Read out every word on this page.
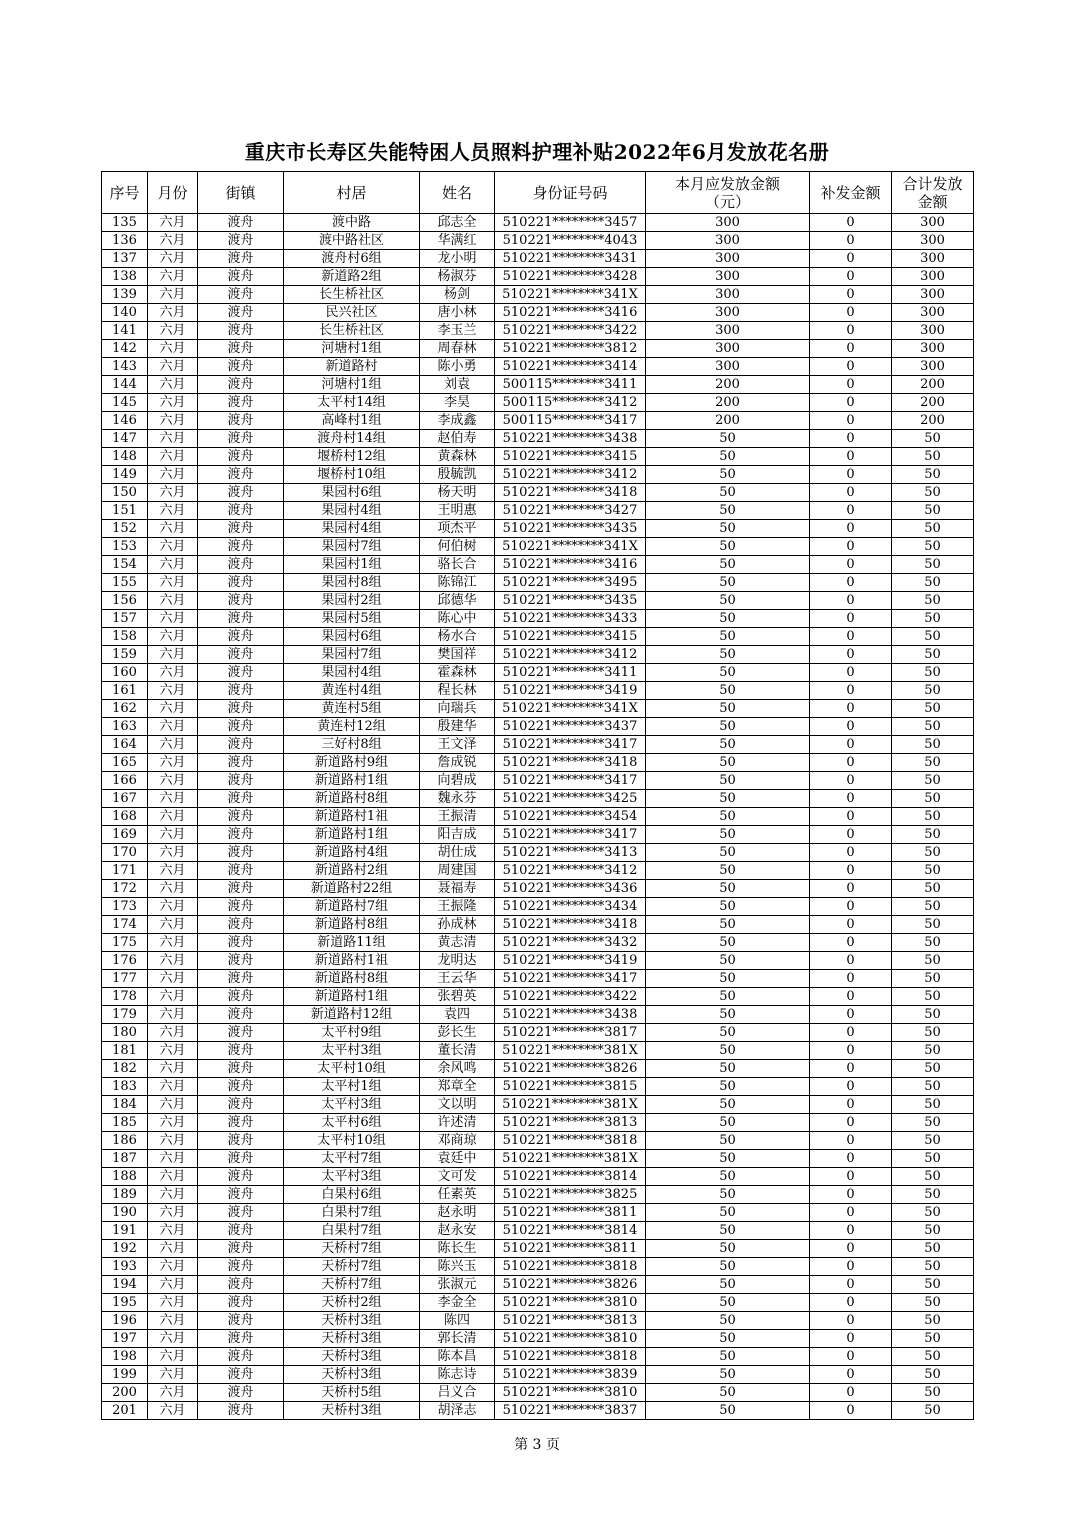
重庆市长寿区失能特困人员照料护理补贴2022年6月发放花名册
序号	月份	街镇	村居	姓名	身份证号码	本月应发放金额（元）	补发金额	合计发放金额
135	六月	渡舟	渡中路	邱志全	510221********3457	300	0	300
136	六月	渡舟	渡中路社区	华满红	510221********4043	300	0	300
137	六月	渡舟	渡舟村6组	龙小明	510221********3431	300	0	300
138	六月	渡舟	新道路2组	杨淑芬	510221********3428	300	0	300
139	六月	渡舟	长生桥社区	杨剑	510221********341X	300	0	300
140	六月	渡舟	民兴社区	唐小林	510221********3416	300	0	300
141	六月	渡舟	长生桥社区	李玉兰	510221********3422	300	0	300
142	六月	渡舟	河塘村1组	周春林	510221********3812	300	0	300
143	六月	渡舟	新道路村	陈小勇	510221********3414	300	0	300
144	六月	渡舟	河塘村1组	刘袁	500115********3411	200	0	200
145	六月	渡舟	太平村14组	李昊	500115********3412	200	0	200
146	六月	渡舟	高峰村1组	李成鑫	500115********3417	200	0	200
147	六月	渡舟	渡舟村14组	赵伯寿	510221********3438	50	0	50
148	六月	渡舟	堰桥村12组	黄森林	510221********3415	50	0	50
149	六月	渡舟	堰桥村10组	殷毓凯	510221********3412	50	0	50
150	六月	渡舟	果园村6组	杨天明	510221********3418	50	0	50
151	六月	渡舟	果园村4组	王明惠	510221********3427	50	0	50
152	六月	渡舟	果园村4组	项杰平	510221********3435	50	0	50
153	六月	渡舟	果园村7组	何伯树	510221********341X	50	0	50
154	六月	渡舟	果园村1组	骆长合	510221********3416	50	0	50
155	六月	渡舟	果园村8组	陈锦江	510221********3495	50	0	50
156	六月	渡舟	果园村2组	邱德华	510221********3435	50	0	50
157	六月	渡舟	果园村5组	陈心中	510221********3433	50	0	50
158	六月	渡舟	果园村6组	杨水合	510221********3415	50	0	50
159	六月	渡舟	果园村7组	樊国祥	510221********3412	50	0	50
160	六月	渡舟	果园村4组	霍森林	510221********3411	50	0	50
161	六月	渡舟	黄连村4组	程长林	510221********3419	50	0	50
162	六月	渡舟	黄连村5组	向瑞兵	510221********341X	50	0	50
163	六月	渡舟	黄连村12组	殷建华	510221********3437	50	0	50
164	六月	渡舟	三好村8组	王文泽	510221********3417	50	0	50
165	六月	渡舟	新道路村9组	詹成锐	510221********3418	50	0	50
166	六月	渡舟	新道路村1组	向碧成	510221********3417	50	0	50
167	六月	渡舟	新道路村8组	魏永芬	510221********3425	50	0	50
168	六月	渡舟	新道路村1祖	王振清	510221********3454	50	0	50
169	六月	渡舟	新道路村1组	阳吉成	510221********3417	50	0	50
170	六月	渡舟	新道路村4组	胡仕成	510221********3413	50	0	50
171	六月	渡舟	新道路村2组	周建国	510221********3412	50	0	50
172	六月	渡舟	新道路村22组	聂福寿	510221********3436	50	0	50
173	六月	渡舟	新道路村7组	王振隆	510221********3434	50	0	50
174	六月	渡舟	新道路村8组	孙成林	510221********3418	50	0	50
175	六月	渡舟	新道路11组	黄志清	510221********3432	50	0	50
176	六月	渡舟	新道路村1祖	龙明达	510221********3419	50	0	50
177	六月	渡舟	新道路村8组	王云华	510221********3417	50	0	50
178	六月	渡舟	新道路村1组	张碧英	510221********3422	50	0	50
179	六月	渡舟	新道路村12组	袁四	510221********3438	50	0	50
180	六月	渡舟	太平村9组	彭长生	510221********3817	50	0	50
181	六月	渡舟	太平村3组	董长清	510221********381X	50	0	50
182	六月	渡舟	太平村10组	余风鸣	510221********3826	50	0	50
183	六月	渡舟	太平村1组	郑章全	510221********3815	50	0	50
184	六月	渡舟	太平村3组	文以明	510221********381X	50	0	50
185	六月	渡舟	太平村6组	许述清	510221********3813	50	0	50
186	六月	渡舟	太平村10组	邓商琼	510221********3818	50	0	50
187	六月	渡舟	太平村7组	袁廷中	510221********381X	50	0	50
188	六月	渡舟	太平村3组	文可发	510221********3814	50	0	50
189	六月	渡舟	白果村6组	任素英	510221********3825	50	0	50
190	六月	渡舟	白果村7组	赵永明	510221********3811	50	0	50
191	六月	渡舟	白果村7组	赵永安	510221********3814	50	0	50
192	六月	渡舟	天桥村7组	陈长生	510221********3811	50	0	50
193	六月	渡舟	天桥村7组	陈兴玉	510221********3818	50	0	50
194	六月	渡舟	天桥村7组	张淑元	510221********3826	50	0	50
195	六月	渡舟	天桥村2组	李金全	510221********3810	50	0	50
196	六月	渡舟	天桥村3组	陈四	510221********3813	50	0	50
197	六月	渡舟	天桥村3组	郭长清	510221********3810	50	0	50
198	六月	渡舟	天桥村3组	陈本昌	510221********3818	50	0	50
199	六月	渡舟	天桥村3组	陈志诗	510221********3839	50	0	50
200	六月	渡舟	天桥村5组	吕义合	510221********3810	50	0	50
201	六月	渡舟	天桥村3组	胡泽志	510221********3837	50	0	50
第 3 页
